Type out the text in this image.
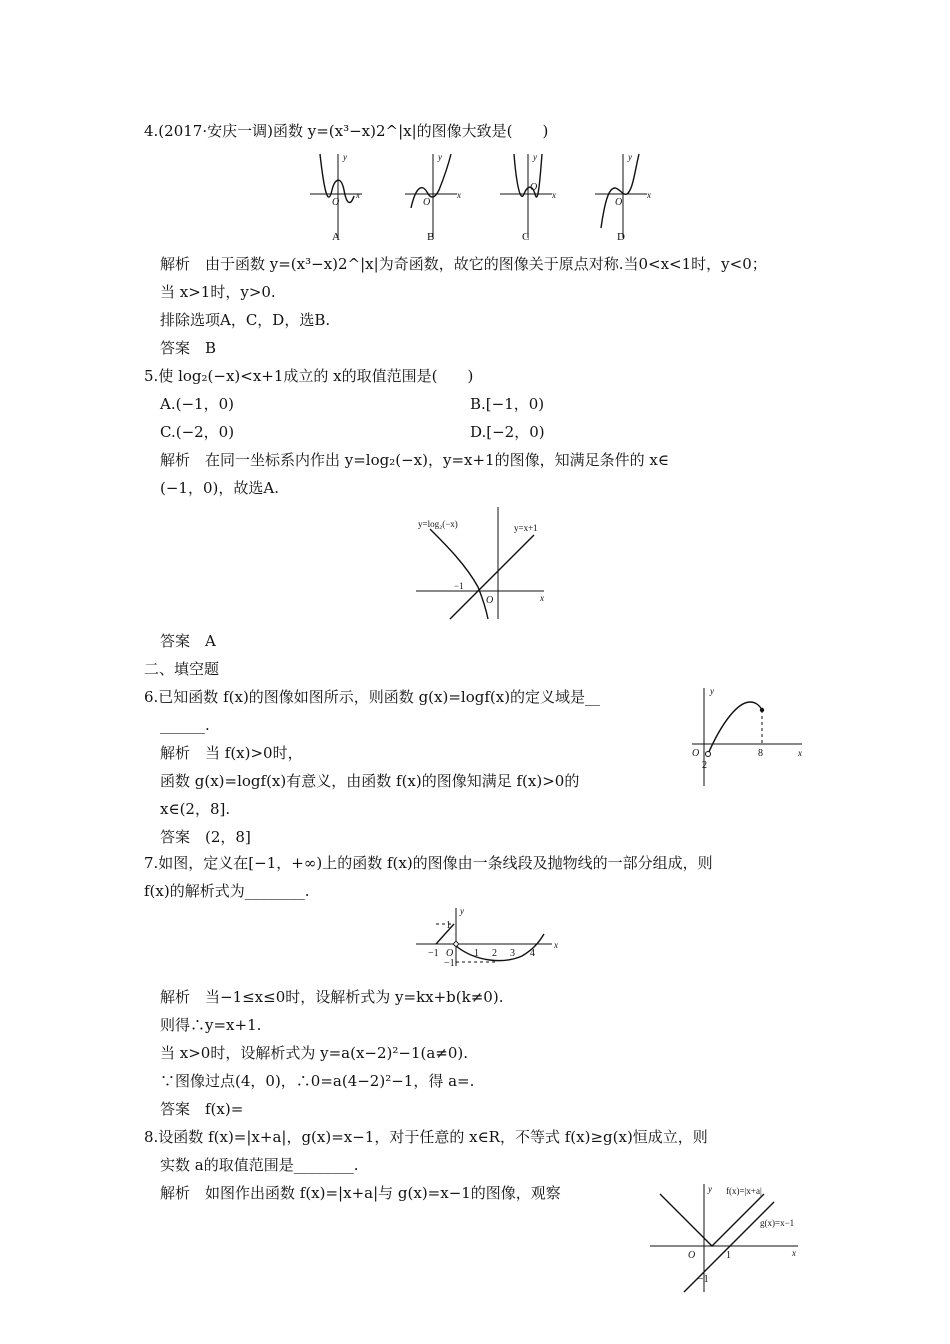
4.(2017·安庆一调)函数 y=(x³−x)2^|x|的图像大致是(　　)
x
y
O
A
x
y
O
B
x
y
O
C
x
y
O
D
解析　由于函数 y=(x³−x)2^|x|为奇函数，故它的图像关于原点对称.当0<x<1时，y<0；
当 x>1时，y>0.
排除选项A，C，D，选B.
答案　B
5.使 log₂(−x)<x+1成立的 x的取值范围是(　　)
A.(−1，0)	B.[−1，0)
C.(−2，0)	D.[−2，0)
解析　在同一坐标系内作出 y=log₂(−x)，y=x+1的图像，知满足条件的 x∈
(−1，0)，故选A.
y=log₂(−x)	y=x+1
−1
O	x
答案　A
二、填空题
6.已知函数 f(x)的图像如图所示，则函数 g(x)=logf(x)的定义域是__
______.
解析　当 f(x)>0时，
函数 g(x)=logf(x)有意义，由函数 f(x)的图像知满足 f(x)>0的
x∈(2，8].
答案　(2，8]
y
x
O
2
8
7.如图，定义在[−1，+∞)上的函数 f(x)的图像由一条线段及抛物线的一部分组成，则
f(x)的解析式为________.
y
x
1
−1 O
−1
1 2 3 4
解析　当−1≤x≤0时，设解析式为 y=kx+b(k≠0).
则得∴y=x+1.
当 x>0时，设解析式为 y=a(x−2)²−1(a≠0).
∵图像过点(4，0)，∴0=a(4−2)²−1，得 a=.
答案　f(x)=
8.设函数 f(x)=|x+a|，g(x)=x−1，对于任意的 x∈R，不等式 f(x)≥g(x)恒成立，则
实数 a的取值范围是________.
解析　如图作出函数 f(x)=|x+a|与 g(x)=x−1的图像，观察	y
x
f(x)=|x+a|
g(x)=x−1
O	1
−1
